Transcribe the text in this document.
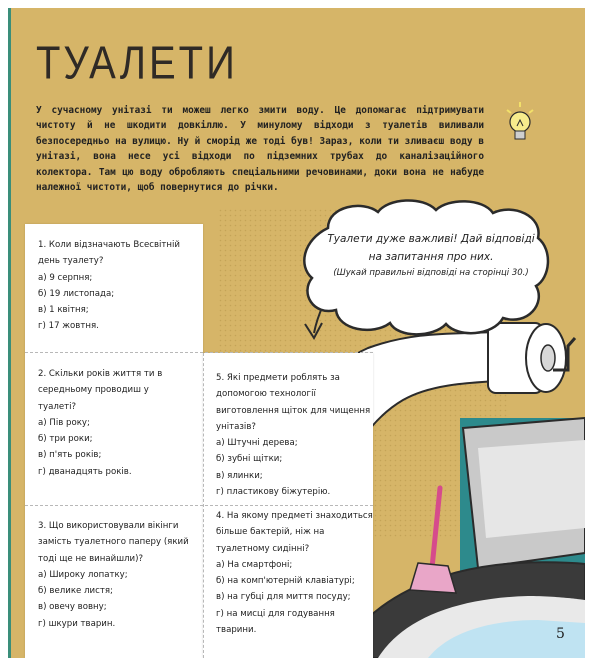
ТУАЛЕТИ
У сучасному унітазі ти можеш легко змити воду. Це допомагає підтримувати чистоту й не шкодити довкіллю. У минулому відходи з туалетів виливали безпосередньо на вулицю. Ну й сморід же тоді був! Зараз, коли ти зливаєш воду в унітазі, вона несе усі відходи по підземних трубах до каналізаційного колектора. Там цю воду обробляють спеціальними речовинами, доки вона не набуде належної чистоти, щоб повернутися до річки.
Туалети дуже важливі! Дай відповіді на запитання про них.
(Шукай правильні відповіді на сторінці 30.)
1. Коли відзначають Всесвітній день туалету?
а) 9 серпня;
б) 19 листопада;
в) 1 квітня;
г) 17 жовтня.
2. Скільки років життя ти в середньому проводиш у туалеті?
а) Пів року;
б) три роки;
в) п'ять років;
г) дванадцять років.
3. Що використовували вікінги замість туалетного паперу (який тоді ще не винайшли)?
а) Широку лопатку;
б) велике листя;
в) овечу вовну;
г) шкури тварин.
4. На якому предметі знаходиться більше бактерій, ніж на туалетному сидінні?
а) На смартфоні;
б) на комп'ютерній клавіатурі;
в) на губці для миття посуду;
г) на мисці для годування тварини.
5. Які предмети роблять за допомогою технології виготовлення щіток для чищення унітазів?
а) Штучні дерева;
б) зубні щітки;
в) ялинки;
г) пластикову біжутерію.
5
